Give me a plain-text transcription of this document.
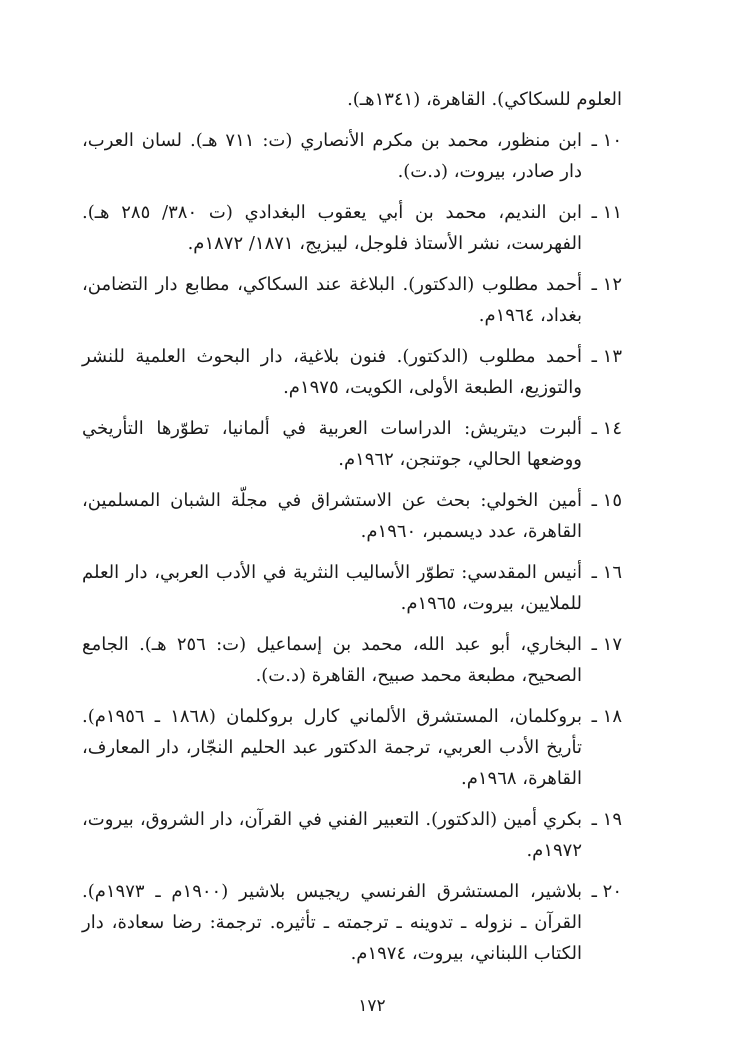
العلوم للسكاكي). القاهرة، (١٣٤١هـ).

١٠ ـ

ابن منظور، محمد بن مكرم الأنصاري (ت: ٧١١ هـ). لسان العرب، دار صادر، بيروت، (د.ت).

١١ ـ

ابن النديم، محمد بن أبي يعقوب البغدادي (ت ٣٨٠/ ٢٨٥ هـ). الفهرست، نشر الأستاذ فلوجل، ليبزيج، ١٨٧١/ ١٨٧٢م.

١٢ ـ

أحمد مطلوب (الدكتور). البلاغة عند السكاكي، مطابع دار التضامن، بغداد، ١٩٦٤م.

١٣ ـ

أحمد مطلوب (الدكتور). فنون بلاغية، دار البحوث العلمية للنشر والتوزيع، الطبعة الأولى، الكويت، ١٩٧٥م.

١٤ ـ

ألبرت ديتريش: الدراسات العربية في ألمانيا، تطوّرها التأريخي ووضعها الحالي، جوتنجن، ١٩٦٢م.

١٥ ـ

أمين الخولي: بحث عن الاستشراق في مجلّة الشبان المسلمين، القاهرة، عدد ديسمبر، ١٩٦٠م.

١٦ ـ

أنيس المقدسي: تطوّر الأساليب النثرية في الأدب العربي، دار العلم للملايين، بيروت، ١٩٦٥م.

١٧ ـ

البخاري، أبو عبد الله، محمد بن إسماعيل (ت: ٢٥٦ هـ). الجامع الصحيح، مطبعة محمد صبيح، القاهرة (د.ت).

١٨ ـ

بروكلمان، المستشرق الألماني كارل بروكلمان (١٨٦٨ ـ ١٩٥٦م). تأريخ الأدب العربي، ترجمة الدكتور عبد الحليم النجّار، دار المعارف، القاهرة، ١٩٦٨م.

١٩ ـ

بكري أمين (الدكتور). التعبير الفني في القرآن، دار الشروق، بيروت، ١٩٧٢م.

٢٠ ـ

بلاشير، المستشرق الفرنسي ريجيس بلاشير (١٩٠٠م ـ ١٩٧٣م). القرآن ـ نزوله ـ تدوينه ـ ترجمته ـ تأثيره. ترجمة: رضا سعادة، دار الكتاب اللبناني، بيروت، ١٩٧٤م.

١٧٢
